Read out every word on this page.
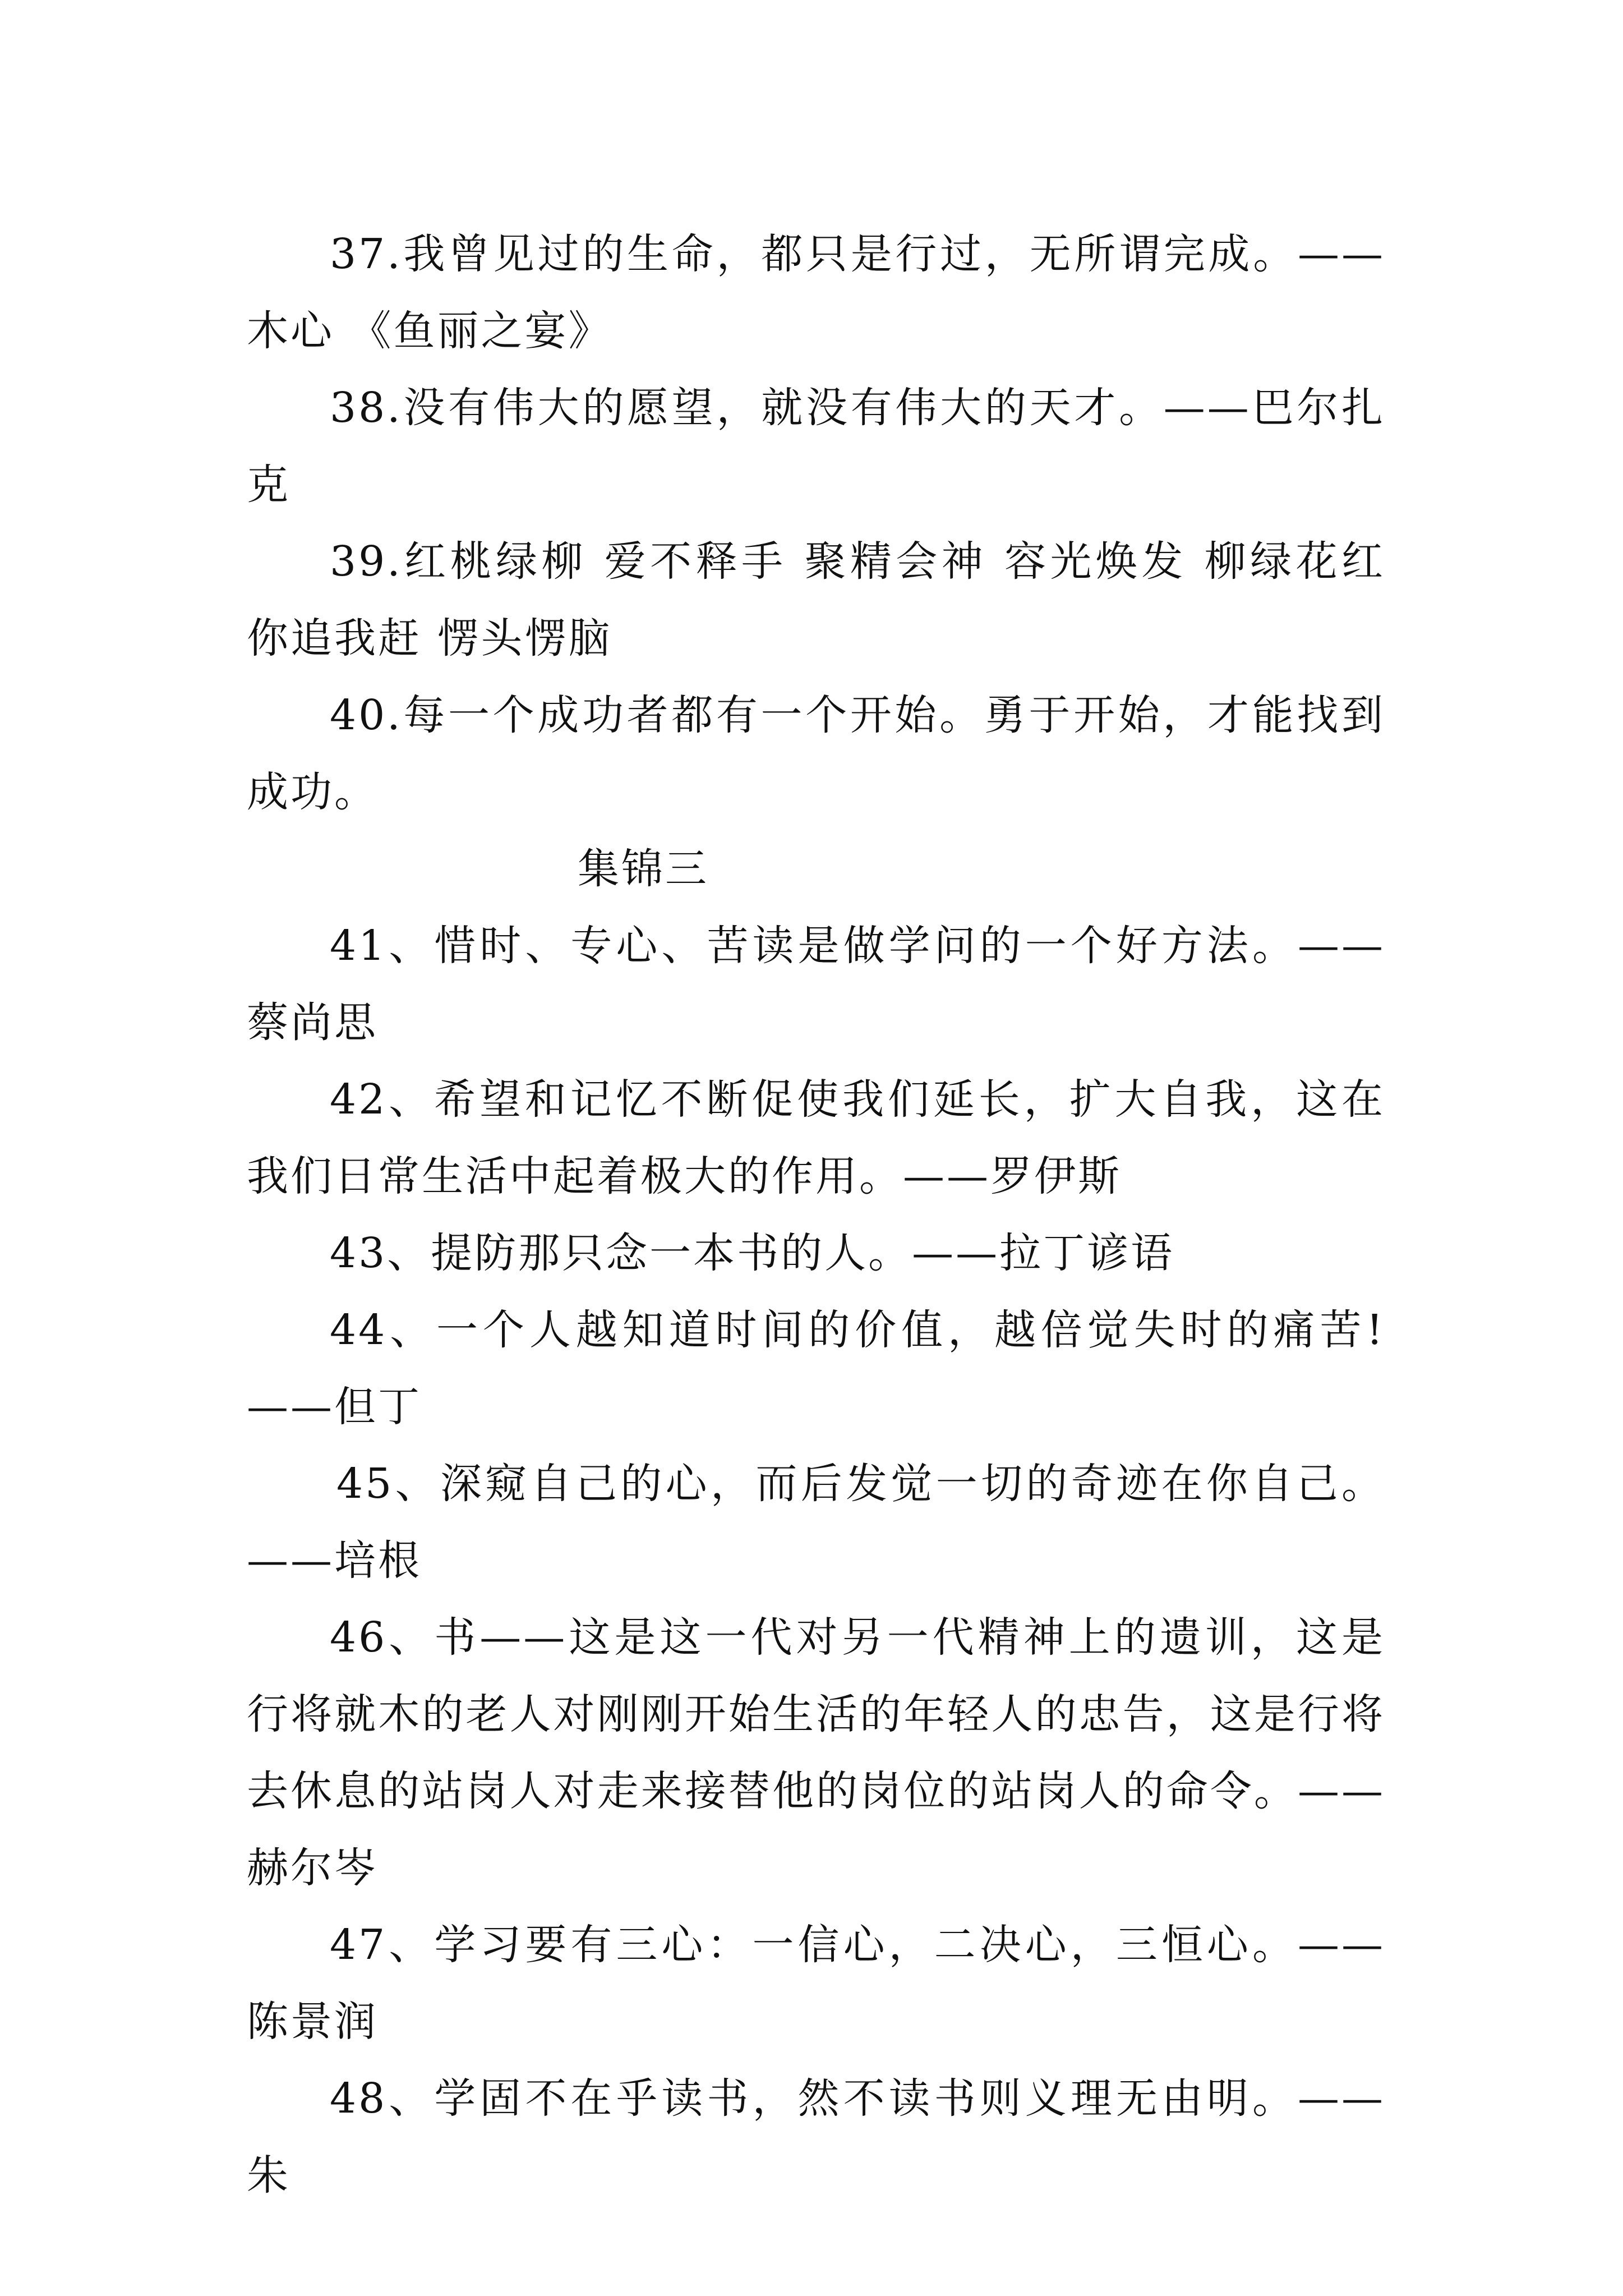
37.我曾见过的生命，都只是行过，无所谓完成。——木心 《鱼丽之宴》

38.没有伟大的愿望，就没有伟大的天才。——巴尔扎克

39.红桃绿柳 爱不释手 聚精会神 容光焕发 柳绿花红 你追我赶 愣头愣脑

40.每一个成功者都有一个开始。勇于开始，才能找到成功。

集锦三

41、惜时、专心、苦读是做学问的一个好方法。——蔡尚思

42、希望和记忆不断促使我们延长，扩大自我，这在我们日常生活中起着极大的作用。——罗伊斯

43、提防那只念一本书的人。——拉丁谚语

44、一个人越知道时间的价值，越倍觉失时的痛苦!——但丁

45、深窥自己的心，而后发觉一切的奇迹在你自己。——培根

46、书——这是这一代对另一代精神上的遗训，这是行将就木的老人对刚刚开始生活的年轻人的忠告，这是行将去休息的站岗人对走来接替他的岗位的站岗人的命令。——赫尔岑

47、学习要有三心：一信心，二决心，三恒心。——陈景润

48、学固不在乎读书，然不读书则义理无由明。——朱
